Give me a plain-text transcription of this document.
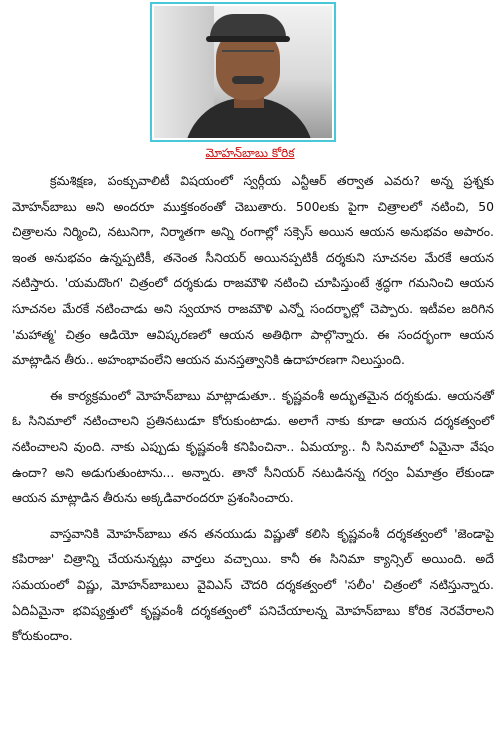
మోహన్‌బాబు కోరిక

క్రమశిక్షణ, పంక్చువాలిటీ విషయంలో స్వర్గీయ ఎన్టీఆర్ తర్వాత ఎవరు? అన్న ప్రశ్నకు మోహన్‌బాబు అని అందరూ ముక్తకంఠంతో చెబుతారు. 500లకు పైగా చిత్రాలలో నటించి, 50 చిత్రాలను నిర్మించి, నటునిగా, నిర్మాతగా అన్ని రంగాల్లో సక్సెస్ అయిన ఆయన అనుభవం అపారం. ఇంత అనుభవం ఉన్నప్పటికీ, తనెంత సీనియర్ అయినప్పటికీ దర్శకుని సూచనల మేరకే ఆయన నటిస్తారు. 'యమదొంగ' చిత్రంలో దర్శకుడు రాజమౌళి నటించి చూపిస్తుంటే శ్రద్ధగా గమనించి ఆయన సూచనల మేరకే నటించాడు అని స్వయాన రాజమౌళి ఎన్నో సందర్భాల్లో చెప్పారు. ఇటీవల జరిగిన 'మహాత్మ' చిత్రం ఆడియో ఆవిష్కరణలో ఆయన అతిథిగా పాల్గొన్నారు. ఈ సందర్భంగా ఆయన మాట్లాడిన తీరు.. అహంభావంలేని ఆయన మనస్తత్వానికి ఉదాహరణగా నిలుస్తుంది.

ఈ కార్యక్రమంలో మోహన్‌బాబు మాట్లాడుతూ.. కృష్ణవంశీ అద్భుతమైన దర్శకుడు. ఆయనతో ఓ సినిమాలో నటించాలని ప్రతినటుడూ కోరుకుంటాడు. అలాగే నాకు కూడా ఆయన దర్శకత్వంలో నటించాలని వుంది. నాకు ఎప్పుడు కృష్ణవంశీ కనిపించినా.. ఏమయ్యా.. నీ సినిమాలో ఏమైనా వేషం ఉందా? అని అడుగుతుంటాను... అన్నారు. తానో సీనియర్ నటుడినన్న గర్వం ఏమాత్రం లేకుండా ఆయన మాట్లాడిన తీరును అక్కడివారందరూ ప్రశంసించారు.

వాస్తవానికి మోహన్‌బాబు తన తనయుడు విష్ణుతో కలిసి కృష్ణవంశీ దర్శకత్వంలో 'జెండాపై కపిరాజు' చిత్రాన్ని చేయనున్నట్లు వార్తలు వచ్చాయి. కానీ ఈ సినిమా క్యాన్సిల్ అయింది. అదే సమయంలో విష్ణు, మోహన్‌బాబులు వైవిఎస్ చౌదరి దర్శకత్వంలో 'సలీం' చిత్రంలో నటిస్తున్నారు. ఏదిఏమైనా భవిష్యత్తులో కృష్ణవంశీ దర్శకత్వంలో పనిచేయాలన్న మోహన్‌బాబు కోరిక నెరవేరాలని కోరుకుందాం.
